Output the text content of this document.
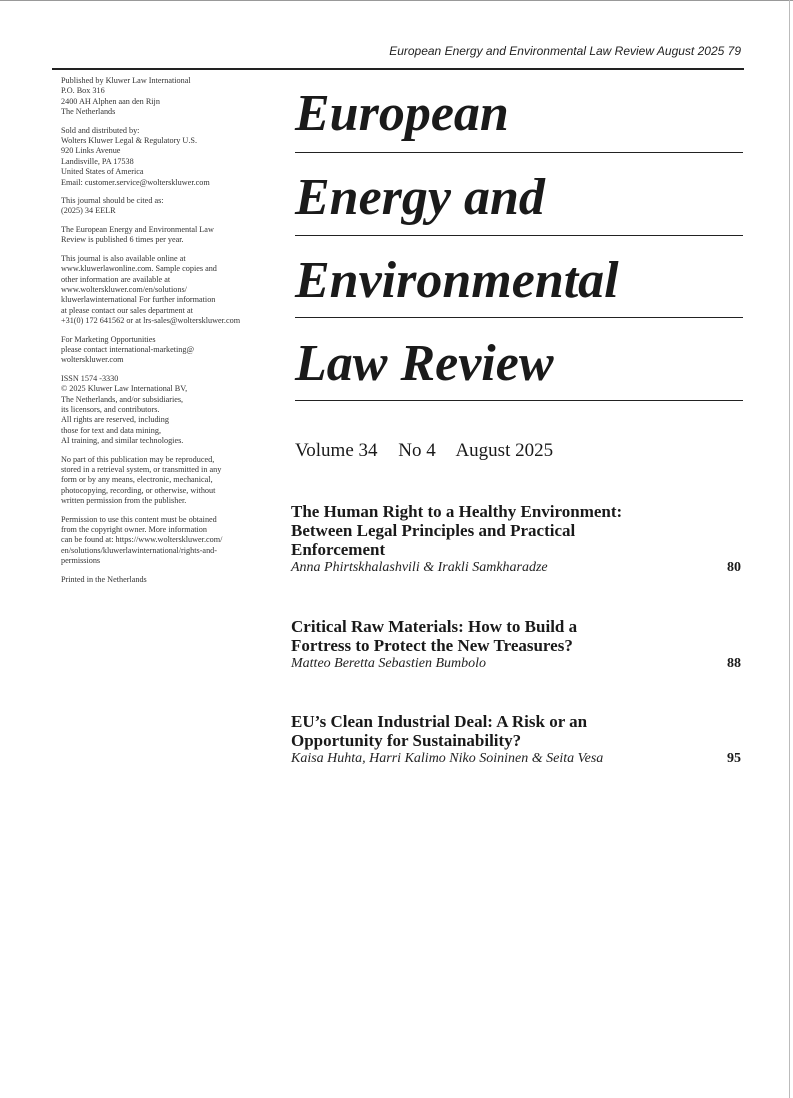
European Energy and Environmental Law Review August 2025 79

Published by Kluwer Law International
P.O. Box 316
2400 AH Alphen aan den Rijn
The Netherlands

Sold and distributed by:
Wolters Kluwer Legal & Regulatory U.S.
920 Links Avenue
Landisville, PA 17538
United States of America
Email: customer.service@wolterskluwer.com

This journal should be cited as:
(2025) 34 EELR

The European Energy and Environmental Law
Review is published 6 times per year.

This journal is also available online at
www.kluwerlawonline.com. Sample copies and
other information are available at
www.wolterskluwer.com/en/solutions/
kluwerlawinternational For further information
at please contact our sales department at
+31(0) 172 641562 or at lrs-sales@wolterskluwer.com

For Marketing Opportunities
please contact international-marketing@
wolterskluwer.com

ISSN 1574 -3330
© 2025 Kluwer Law International BV,
The Netherlands, and/or subsidiaries,
its licensors, and contributors.
All rights are reserved, including
those for text and data mining,
AI training, and similar technologies.

No part of this publication may be reproduced,
stored in a retrieval system, or transmitted in any
form or by any means, electronic, mechanical,
photocopying, recording, or otherwise, without
written permission from the publisher.

Permission to use this content must be obtained
from the copyright owner. More information
can be found at: https://www.wolterskluwer.com/
en/solutions/kluwerlawinternational/rights-and-
permissions

Printed in the Netherlands

European
Energy and
Environmental
Law Review
Volume 34 No 4 August 2025
The Human Right to a Healthy Environment:
Between Legal Principles and Practical
Enforcement
Anna Phirtskhalashvili & Irakli Samkharadze	80
Critical Raw Materials: How to Build a
Fortress to Protect the New Treasures?
Matteo Beretta Sebastien Bumbolo	88
EU’s Clean Industrial Deal: A Risk or an
Opportunity for Sustainability?
Kaisa Huhta, Harri Kalimo Niko Soininen & Seita Vesa	95
